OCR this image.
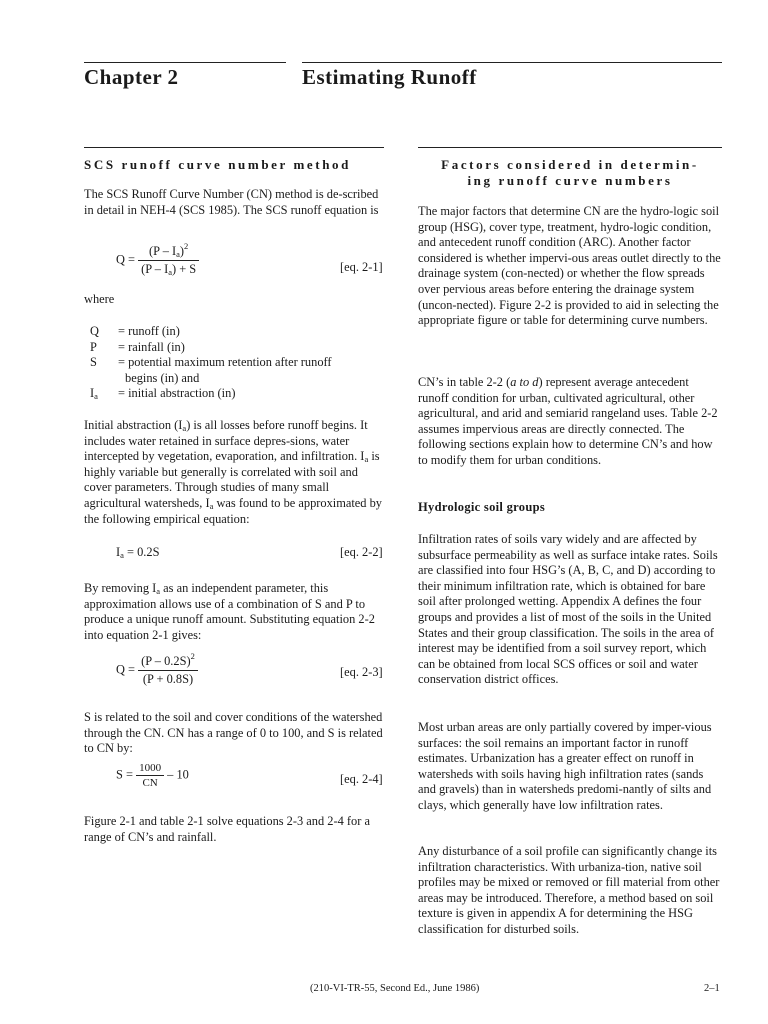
Chapter 2	Estimating Runoff
SCS runoff curve number method

The SCS Runoff Curve Number (CN) method is de-scribed in detail in NEH-4 (SCS 1985). The SCS runoff equation is

$Q = \frac{(P - I_a)^2}{(P - I_a) + S}$	[eq. 2-1]

where

Q = runoff (in)
P = rainfall (in)
S = potential maximum retention after runoff
begins (in) and
$I_a$ = initial abstraction (in)

Initial abstraction $(I_a)$ is all losses before runoff begins. It includes water retained in surface depres-sions, water intercepted by vegetation, evaporation, and infiltration. $I_a$ is highly variable but generally is correlated with soil and cover parameters. Through studies of many small agricultural watersheds, $I_a$ was found to be approximated by the following empirical equation:

$I_a = 0.2S$	[eq. 2-2]

By removing $I_a$ as an independent parameter, this approximation allows use of a combination of S and P to produce a unique runoff amount. Substituting equation 2-2 into equation 2-1 gives:

$Q = \frac{(P - 0.2S)^2}{(P + 0.8S)}$	[eq. 2-3]

S is related to the soil and cover conditions of the watershed through the CN. CN has a range of 0 to 100, and S is related to CN by:

$S = \frac{1000}{CN} - 10$	[eq. 2-4]

Figure 2-1 and table 2-1 solve equations 2-3 and 2-4 for a range of CN’s and rainfall.

Factors considered in determin-
ing runoff curve numbers

The major factors that determine CN are the hydro-logic soil group (HSG), cover type, treatment, hydro-logic condition, and antecedent runoff condition (ARC). Another factor considered is whether impervi-ous areas outlet directly to the drainage system (con-nected) or whether the flow spreads over pervious areas before entering the drainage system (uncon-nected). Figure 2-2 is provided to aid in selecting the appropriate figure or table for determining curve numbers.

CN’s in table 2-2 (a to d) represent average antecedent runoff condition for urban, cultivated agricultural, other agricultural, and arid and semiarid rangeland uses. Table 2-2 assumes impervious areas are directly connected. The following sections explain how to determine CN’s and how to modify them for urban conditions.

Hydrologic soil groups

Infiltration rates of soils vary widely and are affected by subsurface permeability as well as surface intake rates. Soils are classified into four HSG’s (A, B, C, and D) according to their minimum infiltration rate, which is obtained for bare soil after prolonged wetting. Appendix A defines the four groups and provides a list of most of the soils in the United States and their group classification. The soils in the area of interest may be identified from a soil survey report, which can be obtained from local SCS offices or soil and water conservation district offices.

Most urban areas are only partially covered by imper-vious surfaces: the soil remains an important factor in runoff estimates. Urbanization has a greater effect on runoff in watersheds with soils having high infiltration rates (sands and gravels) than in watersheds predomi-nantly of silts and clays, which generally have low infiltration rates.

Any disturbance of a soil profile can significantly change its infiltration characteristics. With urbaniza-tion, native soil profiles may be mixed or removed or fill material from other areas may be introduced. Therefore, a method based on soil texture is given in appendix A for determining the HSG classification for disturbed soils.

(210-VI-TR-55, Second Ed., June 1986)	2–1
